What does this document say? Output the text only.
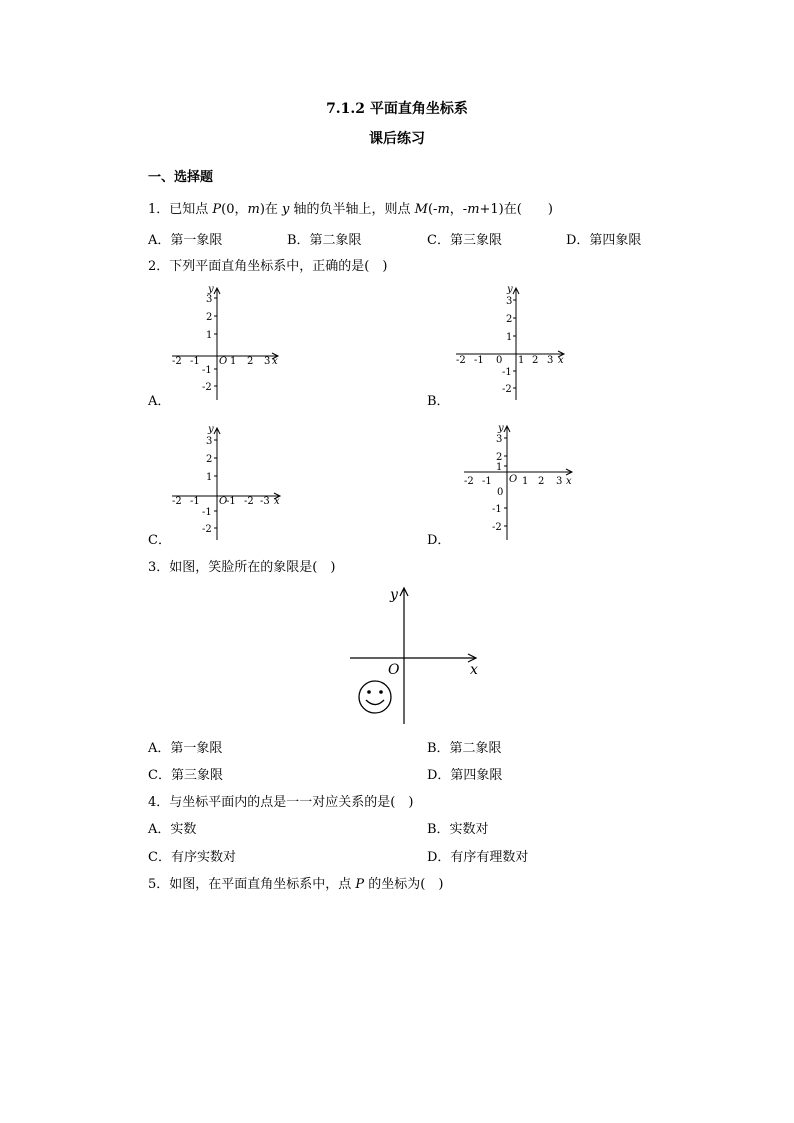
7.1.2 平面直角坐标系
课后练习
一、选择题
1．已知点 P(0，m)在 y 轴的负半轴上，则点 M(-m，-m+1)在(　　)
A．第一象限	B．第二象限	C．第三象限	D．第四象限
2．下列平面直角坐标系中，正确的是(　)
y
x
O
3
2
1
-1
-2
-2 -1	1 2 3
A．
y
x
0
3
2
1
-1
-2
-2 -1	1 2 3
B．
y
x
O
3
2
1
-1
-2
-2 -1	-1 -2 -3
C．
y
x
O
3
2
1
0
-1
-2
-2 -1	1 2 3
D．
3．如图，笑脸所在的象限是(　)
y
x
O
A．第一象限	B．第二象限
C．第三象限	D．第四象限
4．与坐标平面内的点是一一对应关系的是(　)
A．实数	B．实数对
C．有序实数对	D．有序有理数对
5．如图，在平面直角坐标系中，点 P 的坐标为(　)
